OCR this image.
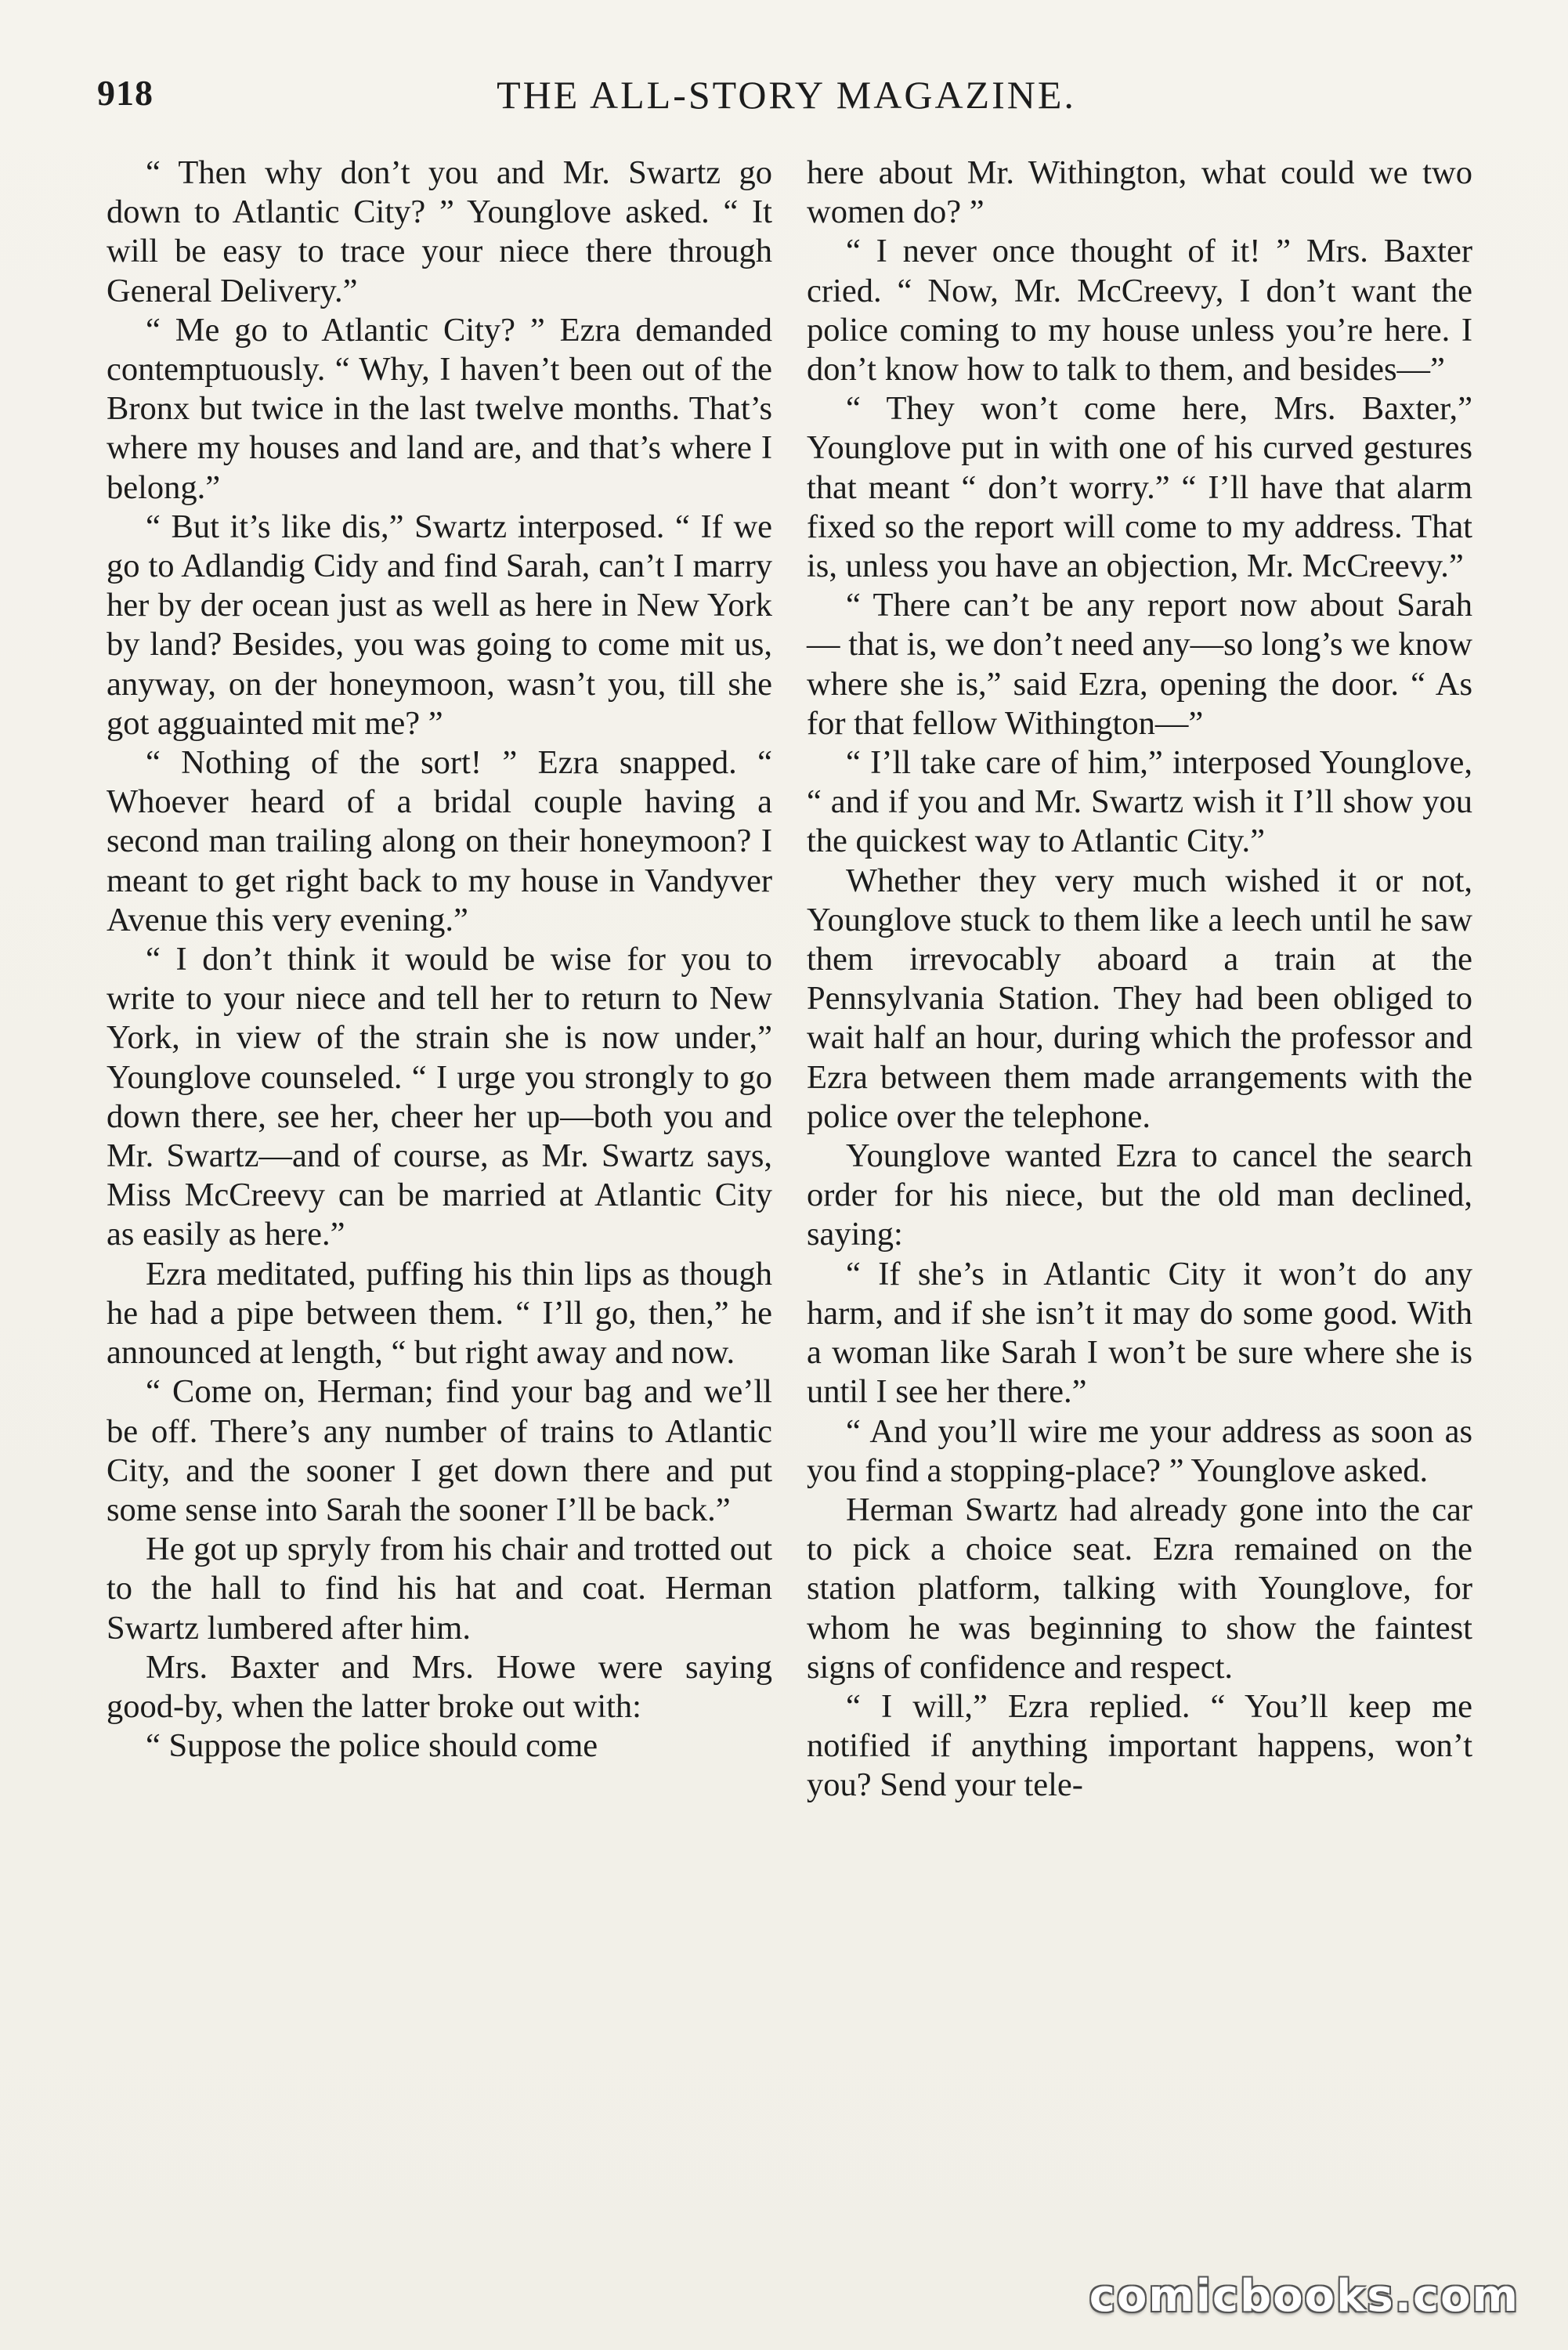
918	THE ALL-STORY MAGAZINE.

“ Then why don’t you and Mr. Swartz go down to Atlantic City? ” Younglove asked. “ It will be easy to trace your niece there through General Delivery.”

“ Me go to Atlantic City? ” Ezra demanded contemptuously. “ Why, I haven’t been out of the Bronx but twice in the last twelve months. That’s where my houses and land are, and that’s where I belong.”

“ But it’s like dis,” Swartz interposed. “ If we go to Adlandig Cidy and find Sarah, can’t I marry her by der ocean just as well as here in New York by land? Besides, you was going to come mit us, anyway, on der honeymoon, wasn’t you, till she got agguainted mit me? ”

“ Nothing of the sort! ” Ezra snapped. “ Whoever heard of a bridal couple having a second man trailing along on their honeymoon? I meant to get right back to my house in Vandyver Avenue this very evening.”

“ I don’t think it would be wise for you to write to your niece and tell her to return to New York, in view of the strain she is now under,” Younglove counseled. “ I urge you strongly to go down there, see her, cheer her up—both you and Mr. Swartz—and of course, as Mr. Swartz says, Miss McCreevy can be married at Atlantic City as easily as here.”

Ezra meditated, puffing his thin lips as though he had a pipe between them. “ I’ll go, then,” he announced at length, “ but right away and now.

“ Come on, Herman; find your bag and we’ll be off. There’s any number of trains to Atlantic City, and the sooner I get down there and put some sense into Sarah the sooner I’ll be back.”

He got up spryly from his chair and trotted out to the hall to find his hat and coat. Herman Swartz lumbered after him.

Mrs. Baxter and Mrs. Howe were saying good-by, when the latter broke out with:

“ Suppose the police should come

here about Mr. Withington, what could we two women do? ”

“ I never once thought of it! ” Mrs. Baxter cried. “ Now, Mr. McCreevy, I don’t want the police coming to my house unless you’re here. I don’t know how to talk to them, and besides—”

“ They won’t come here, Mrs. Baxter,” Younglove put in with one of his curved gestures that meant “ don’t worry.” “ I’ll have that alarm fixed so the report will come to my address. That is, unless you have an objection, Mr. McCreevy.”

“ There can’t be any report now about Sarah — that is, we don’t need any—so long’s we know where she is,” said Ezra, opening the door. “ As for that fellow Withington—”

“ I’ll take care of him,” interposed Younglove, “ and if you and Mr. Swartz wish it I’ll show you the quickest way to Atlantic City.”

Whether they very much wished it or not, Younglove stuck to them like a leech until he saw them irrevocably aboard a train at the Pennsylvania Station. They had been obliged to wait half an hour, during which the professor and Ezra between them made arrangements with the police over the telephone.

Younglove wanted Ezra to cancel the search order for his niece, but the old man declined, saying:

“ If she’s in Atlantic City it won’t do any harm, and if she isn’t it may do some good. With a woman like Sarah I won’t be sure where she is until I see her there.”

“ And you’ll wire me your address as soon as you find a stopping-place? ” Younglove asked.

Herman Swartz had already gone into the car to pick a choice seat. Ezra remained on the station platform, talking with Younglove, for whom he was beginning to show the faintest signs of confidence and respect.

“ I will,” Ezra replied. “ You’ll keep me notified if anything important happens, won’t you? Send your tele-

comicbooks.com
